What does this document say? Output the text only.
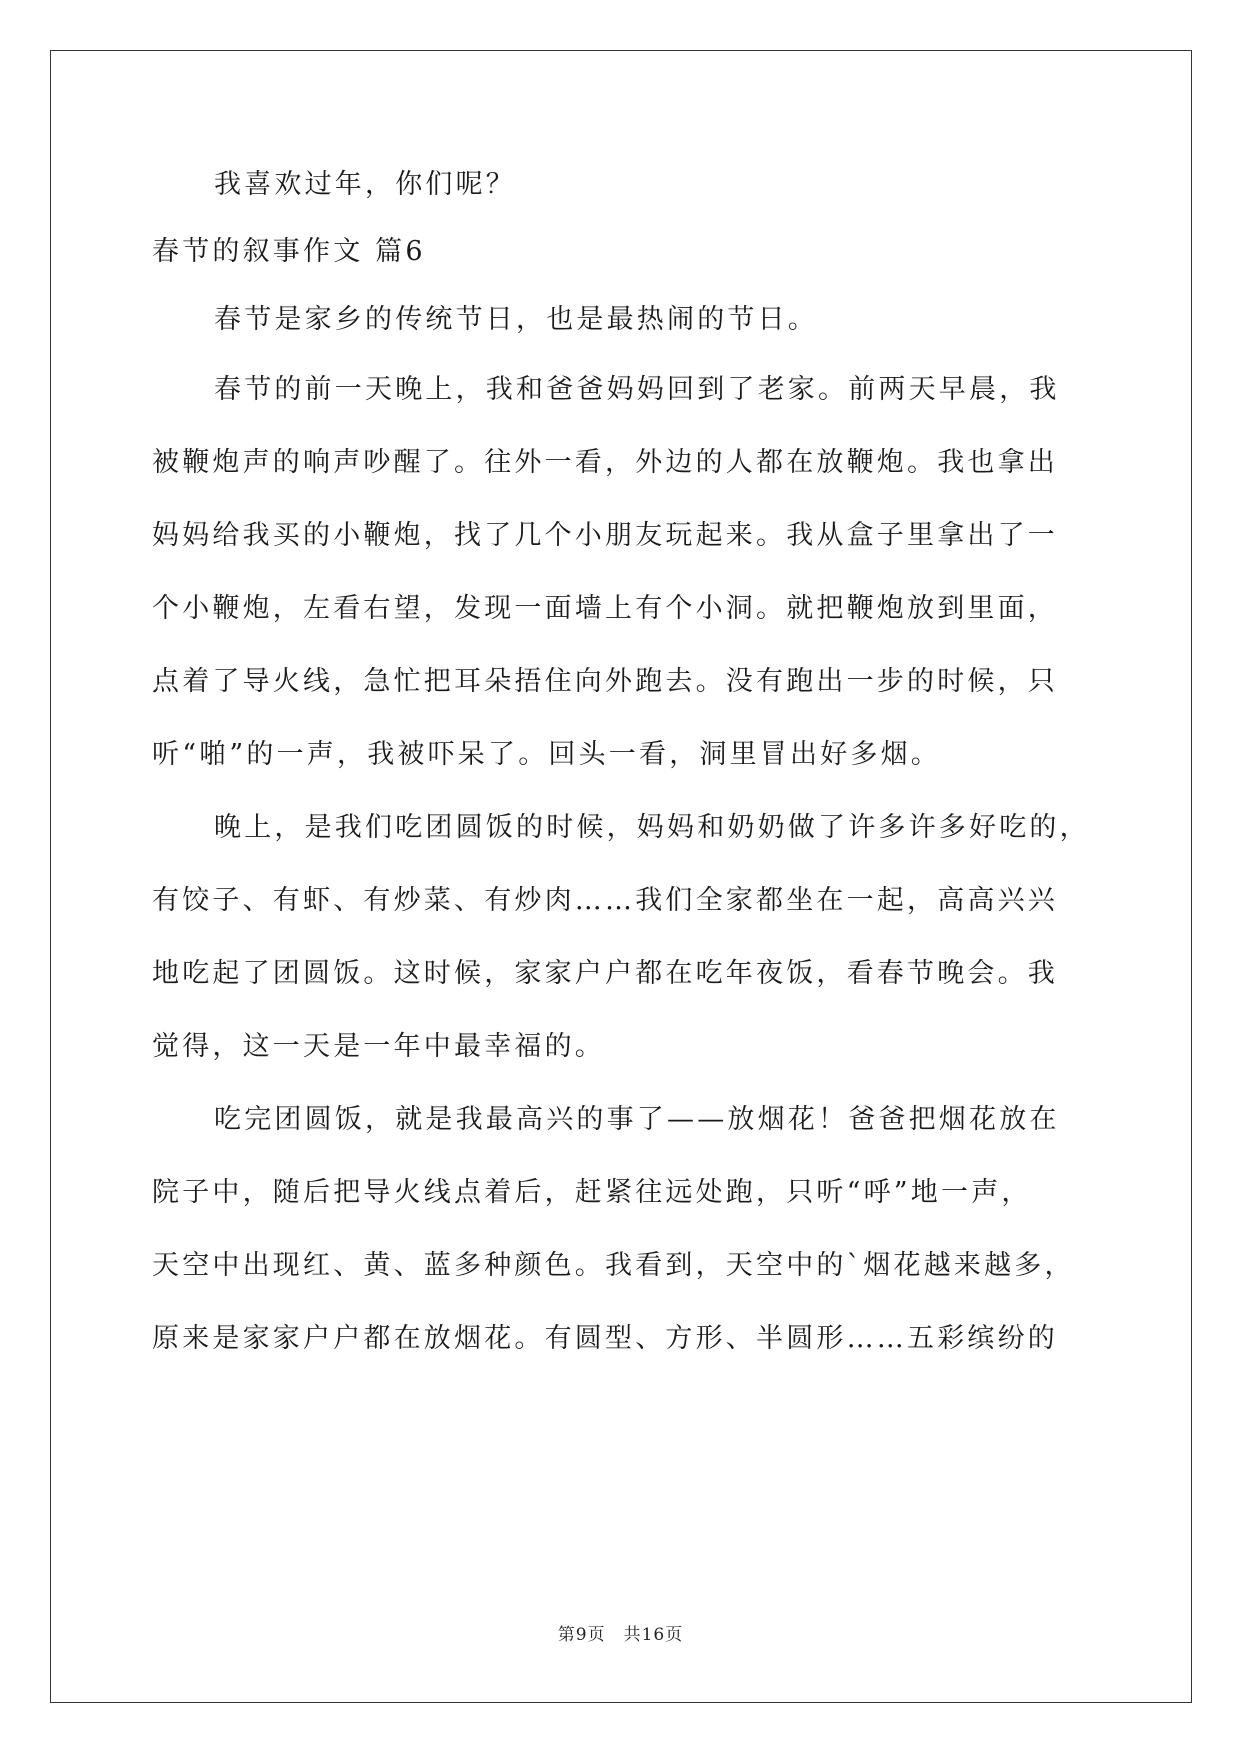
我喜欢过年，你们呢？
春节的叙事作文 篇6
春节是家乡的传统节日，也是最热闹的节日。
春节的前一天晚上，我和爸爸妈妈回到了老家。前两天早晨，我
被鞭炮声的响声吵醒了。往外一看，外边的人都在放鞭炮。我也拿出
妈妈给我买的小鞭炮，找了几个小朋友玩起来。我从盒子里拿出了一
个小鞭炮，左看右望，发现一面墙上有个小洞。就把鞭炮放到里面，
点着了导火线，急忙把耳朵捂住向外跑去。没有跑出一步的时候，只
听“啪”的一声，我被吓呆了。回头一看，洞里冒出好多烟。
晚上，是我们吃团圆饭的时候，妈妈和奶奶做了许多许多好吃的，
有饺子、有虾、有炒菜、有炒肉……我们全家都坐在一起，高高兴兴
地吃起了团圆饭。这时候，家家户户都在吃年夜饭，看春节晚会。我
觉得，这一天是一年中最幸福的。
吃完团圆饭，就是我最高兴的事了——放烟花！爸爸把烟花放在
院子中，随后把导火线点着后，赶紧往远处跑，只听“呼”地一声，
天空中出现红、黄、蓝多种颜色。我看到，天空中的`烟花越来越多，
原来是家家户户都在放烟花。有圆型、方形、半圆形……五彩缤纷的
第9页　共16页
